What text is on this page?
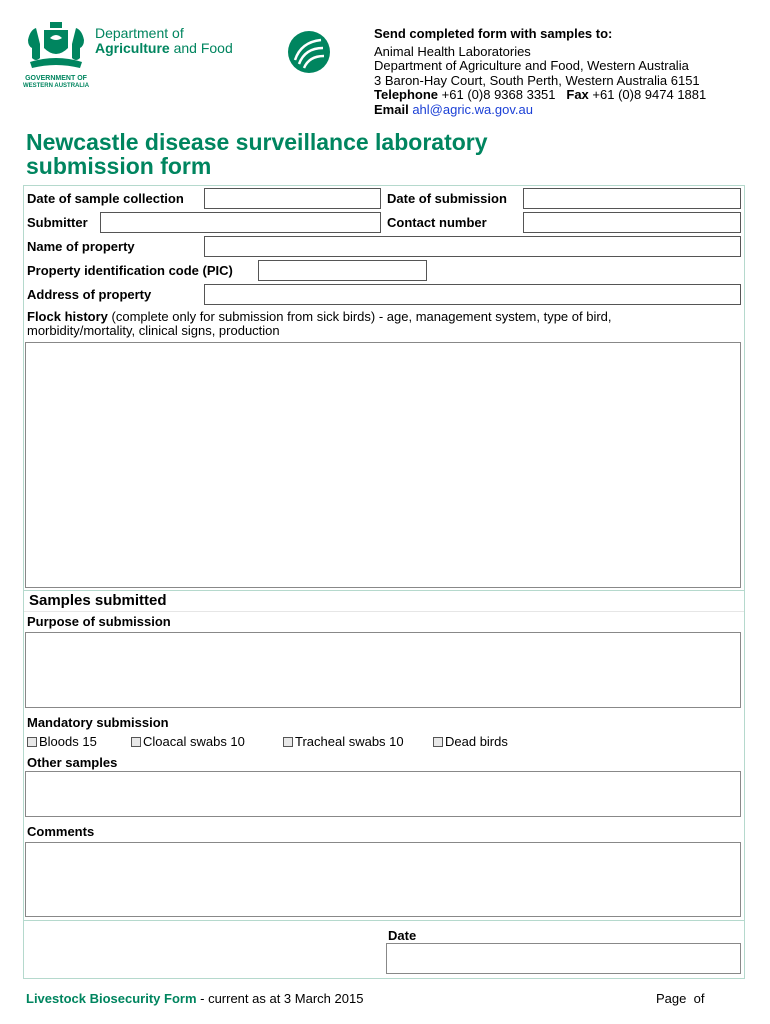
GOVERNMENT OF
WESTERN AUSTRALIA
Department of
Agriculture and Food
Send completed form with samples to:
Animal Health Laboratories
Department of Agriculture and Food, Western Australia
3 Baron-Hay Court, South Perth, Western Australia 6151
Telephone +61 (0)8 9368 3351 Fax +61 (0)8 9474 1881
Email ahl@agric.wa.gov.au
Newcastle disease surveillance laboratory
submission form
Date of sample collection	Date of submission
Submitter	Contact number
Name of property
Property identification code (PIC)
Address of property
Flock history (complete only for submission from sick birds) - age, management system, type of bird,
morbidity/mortality, clinical signs, production
Samples submitted
Purpose of submission
Mandatory submission
Bloods 15	Cloacal swabs 10	Tracheal swabs 10	Dead birds
Other samples
Comments
Date
Livestock Biosecurity Form - current as at 3 March 2015	Page  of
